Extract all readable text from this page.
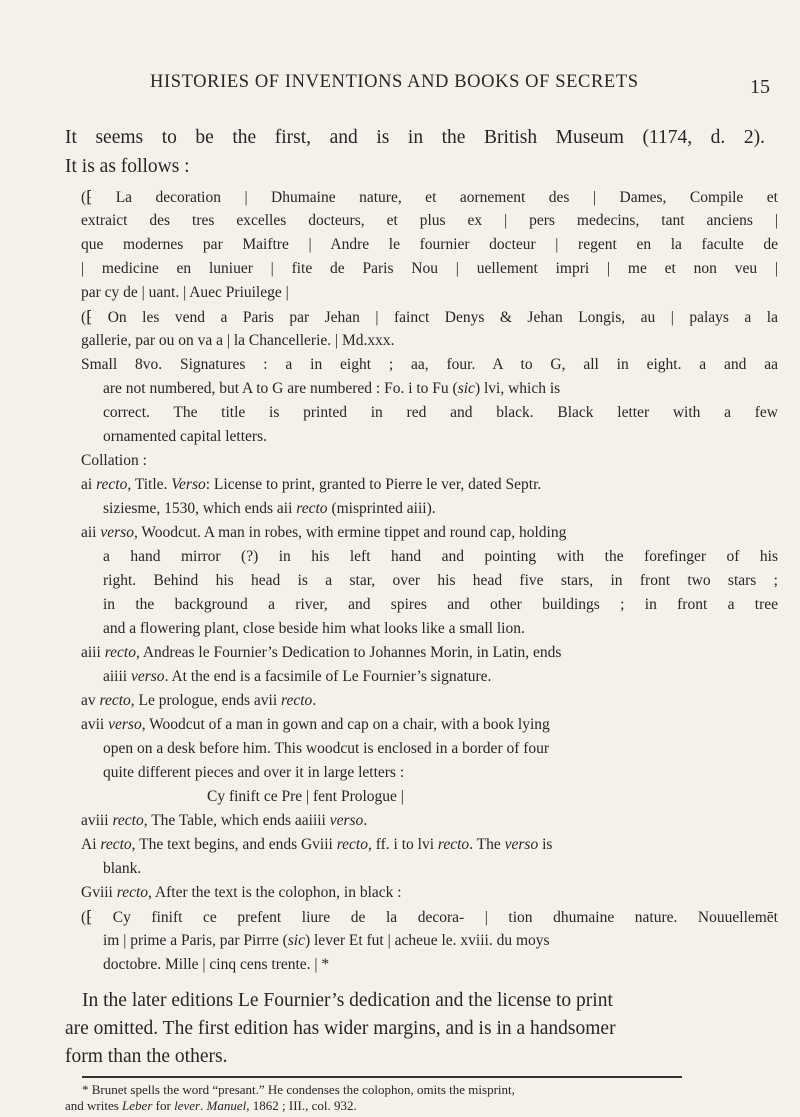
HISTORIES OF INVENTIONS AND BOOKS OF SECRETS	15
It seems to be the first, and is in the British Museum (1174, d. 2).
It is as follows :
(⁅ La decoration | Dhumaine nature, et aornement des | Dames, Compile et
extraict des tres excelles docteurs, et plus ex | pers medecins, tant anciens |
que modernes par Maiftre | Andre le fournier docteur | regent en la faculte de
| medicine en luniuer | fite de Paris Nou | uellement impri | me et non veu |
par cy de | uant. | Auec Priuilege |
(⁅ On les vend a Paris par Jehan | fainct Denys & Jehan Longis, au | palays a la
gallerie, par ou on va a | la Chancellerie. | Md.xxx.
Small 8vo. Signatures : a in eight ; aa, four. A to G, all in eight. a and aa
are not numbered, but A to G are numbered : Fo. i to Fu (sic) lvi, which is
correct. The title is printed in red and black. Black letter with a few
ornamented capital letters.
Collation :
ai recto, Title. Verso: License to print, granted to Pierre le ver, dated Septr.
siziesme, 1530, which ends aii recto (misprinted aiii).
aii verso, Woodcut. A man in robes, with ermine tippet and round cap, holding
a hand mirror (?) in his left hand and pointing with the forefinger of his
right. Behind his head is a star, over his head five stars, in front two stars ;
in the background a river, and spires and other buildings ; in front a tree
and a flowering plant, close beside him what looks like a small lion.
aiii recto, Andreas le Fournier’s Dedication to Johannes Morin, in Latin, ends
aiiii verso. At the end is a facsimile of Le Fournier’s signature.
av recto, Le prologue, ends avii recto.
avii verso, Woodcut of a man in gown and cap on a chair, with a book lying
open on a desk before him. This woodcut is enclosed in a border of four
quite different pieces and over it in large letters :
Cy finift ce Pre | fent Prologue |
aviii recto, The Table, which ends aaiiii verso.
Ai recto, The text begins, and ends Gviii recto, ff. i to lvi recto. The verso is
blank.
Gviii recto, After the text is the colophon, in black :
(⁅ Cy finift ce prefent liure de la decora- | tion dhumaine nature. Nouuellemēt
im | prime a Paris, par Pirrre (sic) lever Et fut | acheue le. xviii. du moys
doctobre. Mille | cinq cens trente. | *
In the later editions Le Fournier’s dedication and the license to print
are omitted. The first edition has wider margins, and is in a handsomer
form than the others.
* Brunet spells the word “presant.” He condenses the colophon, omits the misprint,
and writes Leber for lever. Manuel, 1862 ; III., col. 932.
